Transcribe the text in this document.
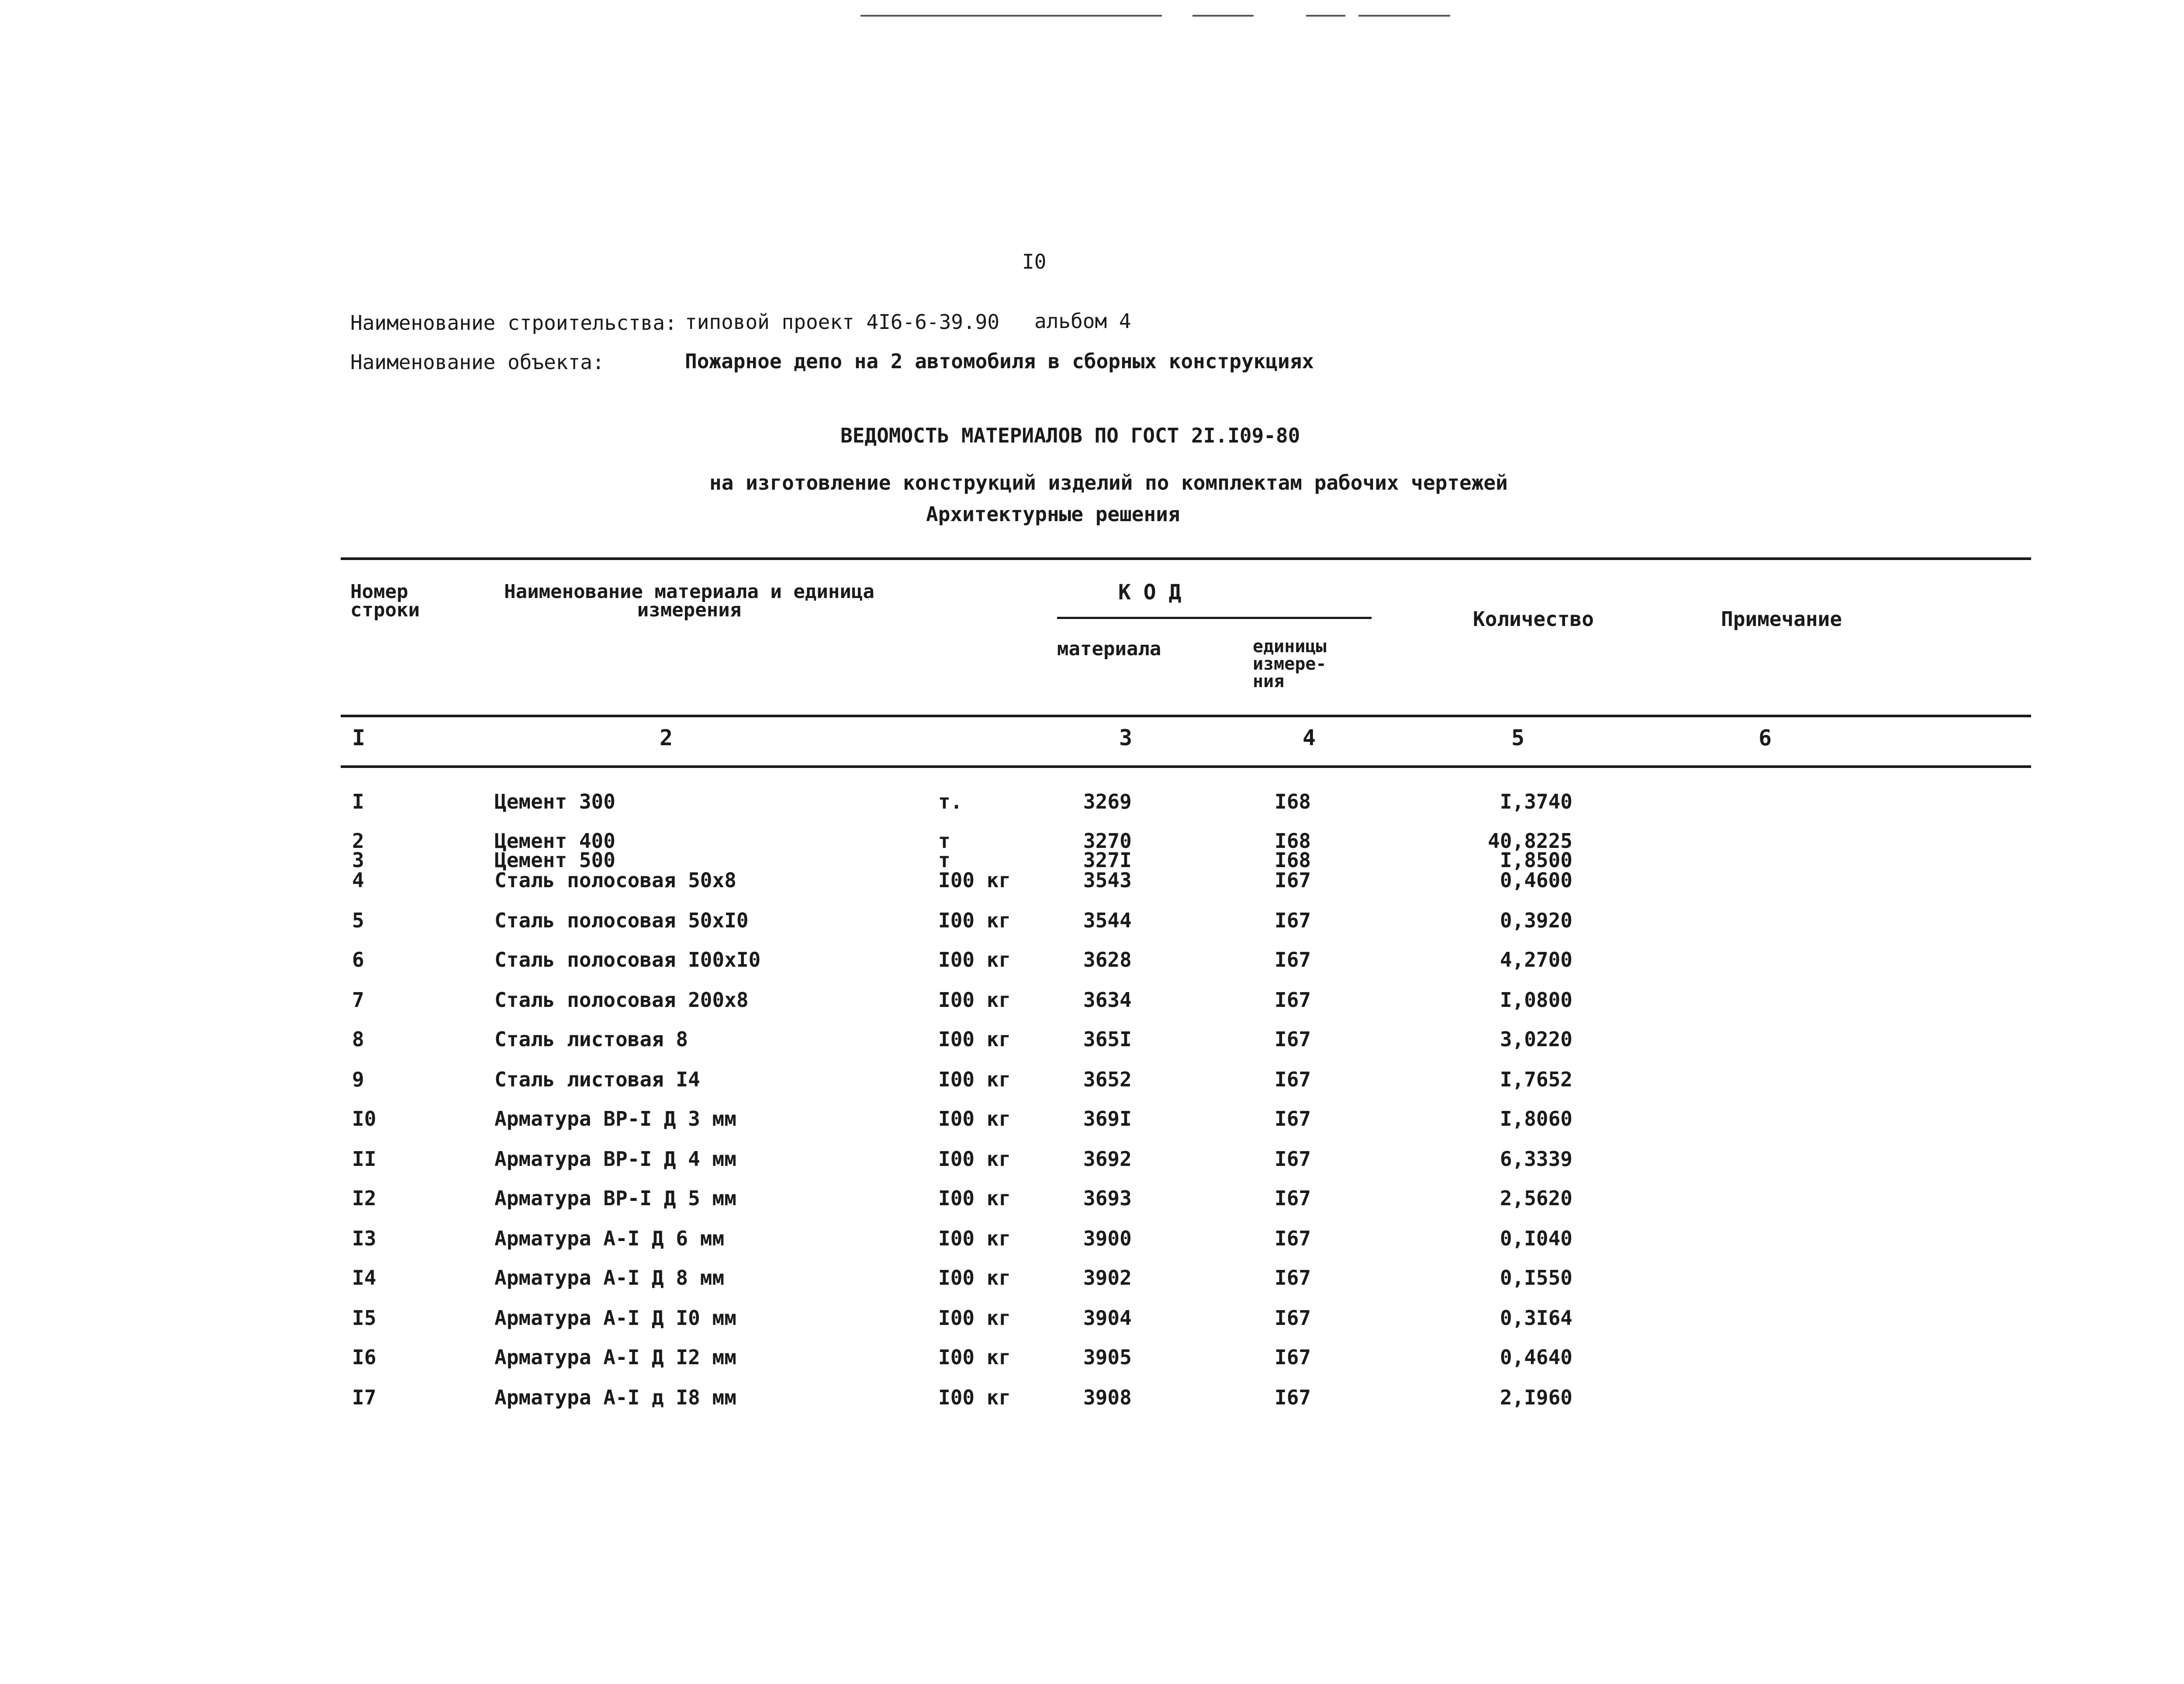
I0
Наименование строительства: типовой проект 4I6-6-39.90 альбом 4
Наименование объекта:	Пожарное депо на 2 автомобиля в сборных конструкциях
ВЕДОМОСТЬ МАТЕРИАЛОВ ПО ГОСТ 2I.I09-80
на изготовление конструкций изделий по комплектам рабочих чертежей
Архитектурные решения
Номер строки
Наименование материала и единица измерения
К О Д
материала	единицы измере- ния
Количество	Примечание
I	2	3	4	5	6
I	Цемент 300	т.	3269	I68	I,3740
2	Цемент 400	т	3270	I68	40,8225
3	Цемент 500	т	327I	I68	I,8500
4	Сталь полосовая 50х8	I00 кг	3543	I67	0,4600
5	Сталь полосовая 50хI0	I00 кг	3544	I67	0,3920
6	Сталь полосовая I00хI0	I00 кг	3628	I67	4,2700
7	Сталь полосовая 200х8	I00 кг	3634	I67	I,0800
8	Сталь листовая 8	I00 кг	365I	I67	3,0220
9	Сталь листовая I4	I00 кг	3652	I67	I,7652
I0	Арматура ВР-I Д 3 мм	I00 кг	369I	I67	I,8060
II	Арматура ВР-I Д 4 мм	I00 кг	3692	I67	6,3339
I2	Арматура ВР-I Д 5 мм	I00 кг	3693	I67	2,5620
I3	Арматура А-I Д 6 мм	I00 кг	3900	I67	0,I040
I4	Арматура А-I Д 8 мм	I00 кг	3902	I67	0,I550
I5	Арматура А-I Д I0 мм	I00 кг	3904	I67	0,3I64
I6	Арматура А-I Д I2 мм	I00 кг	3905	I67	0,4640
I7	Арматура А-I д I8 мм	I00 кг	3908	I67	2,I960
